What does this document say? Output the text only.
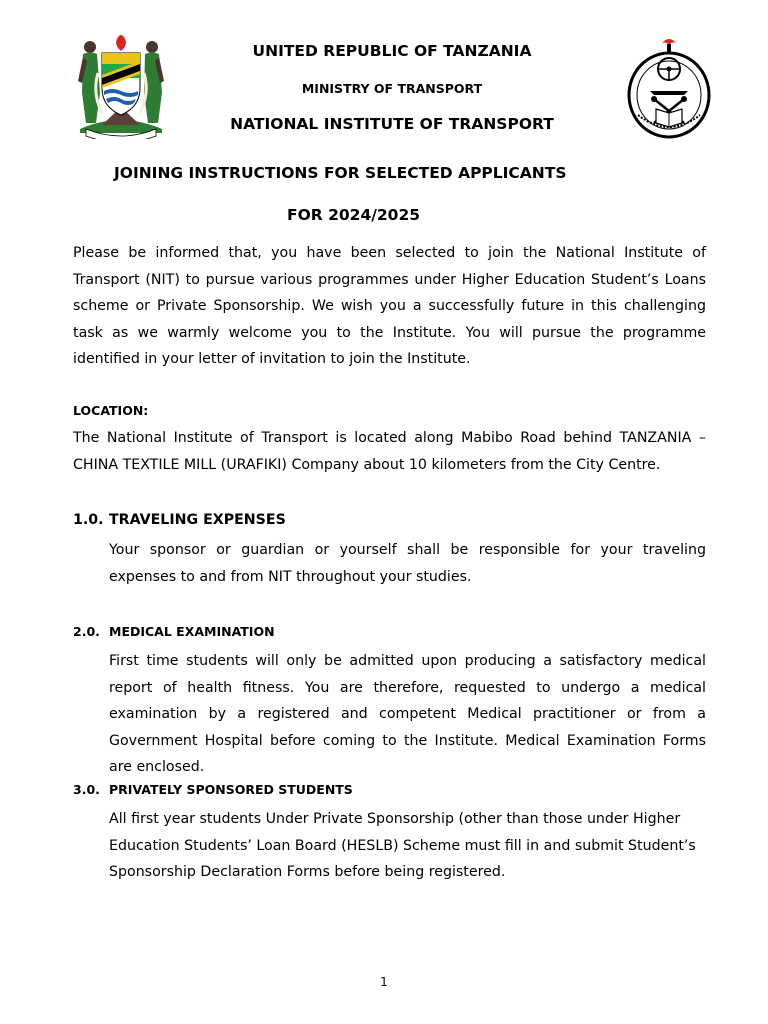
UNITED REPUBLIC OF TANZANIA
MINISTRY OF TRANSPORT
NATIONAL INSTITUTE OF TRANSPORT
JOINING INSTRUCTIONS FOR SELECTED APPLICANTS
FOR 2024/2025

Please be informed that, you have been selected to join the National Institute of Transport (NIT) to pursue various programmes under Higher Education Student’s Loans scheme or Private Sponsorship. We wish you a successfully future in this challenging task as we warmly welcome you to the Institute. You will pursue the programme identified in your letter of invitation to join the Institute.

LOCATION:

The National Institute of Transport is located along Mabibo Road behind TANZANIA – CHINA TEXTILE MILL (URAFIKI) Company about 10 kilometers from the City Centre.

1.0. TRAVELING EXPENSES

Your sponsor or guardian or yourself shall be responsible for your traveling expenses to and from NIT throughout your studies.

2.0. MEDICAL EXAMINATION

First time students will only be admitted upon producing a satisfactory medical report of health fitness. You are therefore, requested to undergo a medical examination by a registered and competent Medical practitioner or from a Government Hospital before coming to the Institute. Medical Examination Forms are enclosed.

3.0. PRIVATELY SPONSORED STUDENTS

All first year students Under Private Sponsorship (other than those under Higher Education Students’ Loan Board (HESLB) Scheme must fill in and submit Student’s Sponsorship Declaration Forms before being registered.

1
